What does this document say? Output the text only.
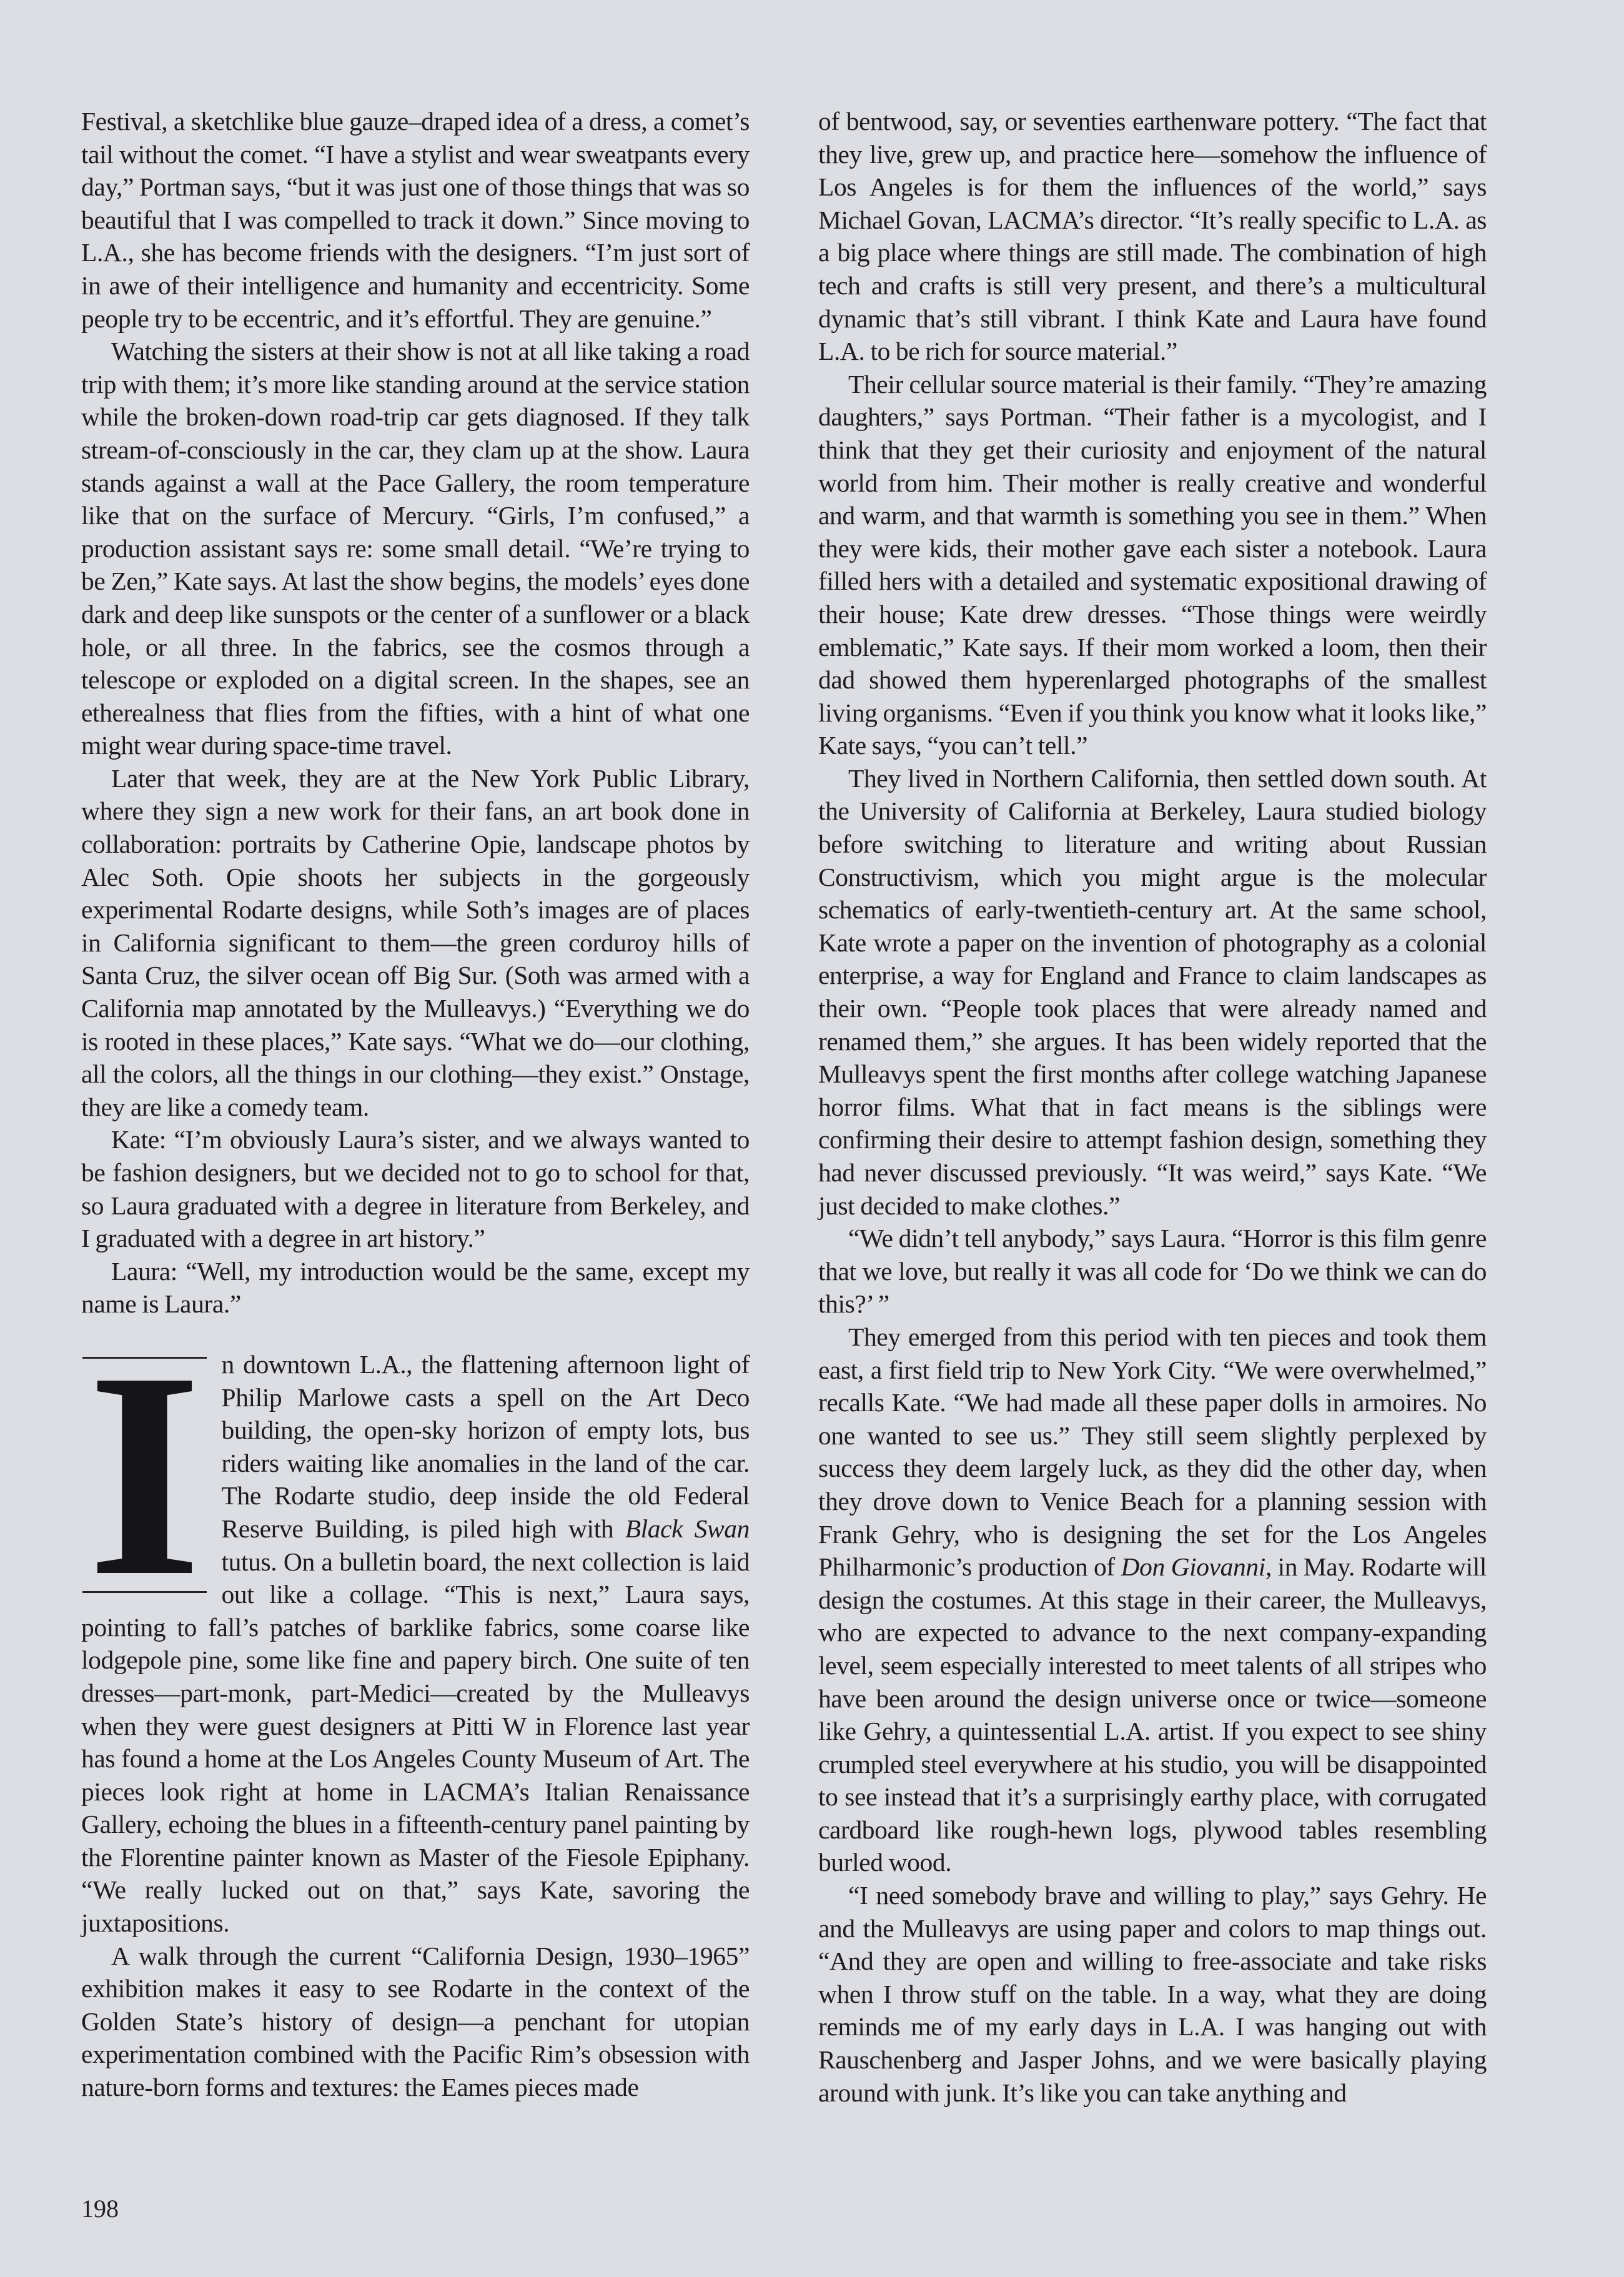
Festival, a sketchlike blue gauze–draped idea of a dress, a comet’s tail without the comet. “I have a stylist and wear sweatpants every day,” Portman says, “but it was just one of those things that was so beautiful that I was compelled to track it down.” Since moving to L.A., she has become friends with the designers. “I’m just sort of in awe of their intelligence and humanity and eccentricity. Some people try to be eccentric, and it’s effortful. They are genuine.”

Watching the sisters at their show is not at all like taking a road trip with them; it’s more like standing around at the service station while the broken-down road-trip car gets diagnosed. If they talk stream-of-consciously in the car, they clam up at the show. Laura stands against a wall at the Pace Gallery, the room temperature like that on the surface of Mercury. “Girls, I’m confused,” a production assistant says re: some small detail. “We’re trying to be Zen,” Kate says. At last the show begins, the models’ eyes done dark and deep like sunspots or the center of a sunflower or a black hole, or all three. In the fabrics, see the cosmos through a telescope or exploded on a digital screen. In the shapes, see an etherealness that flies from the fifties, with a hint of what one might wear during space-time travel.

Later that week, they are at the New York Public Library, where they sign a new work for their fans, an art book done in collaboration: portraits by Catherine Opie, landscape photos by Alec Soth. Opie shoots her subjects in the gorgeously experimental Rodarte designs, while Soth’s images are of places in California significant to them—the green corduroy hills of Santa Cruz, the silver ocean off Big Sur. (Soth was armed with a California map annotated by the Mulleavys.) “Everything we do is rooted in these places,” Kate says. “What we do—our clothing, all the colors, all the things in our clothing—they exist.” Onstage, they are like a comedy team.

Kate: “I’m obviously Laura’s sister, and we always wanted to be fashion designers, but we decided not to go to school for that, so Laura graduated with a degree in literature from Berkeley, and I graduated with a degree in art history.”

Laura: “Well, my introduction would be the same, except my name is Laura.”

I n downtown L.A., the flattening afternoon light of Philip Marlowe casts a spell on the Art Deco building, the open-sky horizon of empty lots, bus riders waiting like anomalies in the land of the car. The Rodarte studio, deep inside the old Federal Reserve Building, is piled high with Black Swan tutus. On a bulletin board, the next collection is laid out like a collage. “This is next,” Laura says, pointing to fall’s patches of barklike fabrics, some coarse like lodgepole pine, some like fine and papery birch. One suite of ten dresses—part-monk, part-Medici—created by the Mulleavys when they were guest designers at Pitti W in Florence last year has found a home at the Los Angeles County Museum of Art. The pieces look right at home in LACMA’s Italian Renaissance Gallery, echoing the blues in a fifteenth-century panel painting by the Florentine painter known as Master of the Fiesole Epiphany. “We really lucked out on that,” says Kate, savoring the juxtapositions.

A walk through the current “California Design, 1930–1965” exhibition makes it easy to see Rodarte in the context of the Golden State’s history of design—a penchant for utopian experimentation combined with the Pacific Rim’s obsession with nature-born forms and textures: the Eames pieces made

of bentwood, say, or seventies earthenware pottery. “The fact that they live, grew up, and practice here—somehow the influence of Los Angeles is for them the influences of the world,” says Michael Govan, LACMA’s director. “It’s really specific to L.A. as a big place where things are still made. The combination of high tech and crafts is still very present, and there’s a multicultural dynamic that’s still vibrant. I think Kate and Laura have found L.A. to be rich for source material.”

Their cellular source material is their family. “They’re amazing daughters,” says Portman. “Their father is a mycologist, and I think that they get their curiosity and enjoyment of the natural world from him. Their mother is really creative and wonderful and warm, and that warmth is something you see in them.” When they were kids, their mother gave each sister a notebook. Laura filled hers with a detailed and systematic expositional drawing of their house; Kate drew dresses. “Those things were weirdly emblematic,” Kate says. If their mom worked a loom, then their dad showed them hyperenlarged photographs of the smallest living organisms. “Even if you think you know what it looks like,” Kate says, “you can’t tell.”

They lived in Northern California, then settled down south. At the University of California at Berkeley, Laura studied biology before switching to literature and writing about Russian Constructivism, which you might argue is the molecular schematics of early-twentieth-century art. At the same school, Kate wrote a paper on the invention of photography as a colonial enterprise, a way for England and France to claim landscapes as their own. “People took places that were already named and renamed them,” she argues. It has been widely reported that the Mulleavys spent the first months after college watching Japanese horror films. What that in fact means is the siblings were confirming their desire to attempt fashion design, something they had never discussed previously. “It was weird,” says Kate. “We just decided to make clothes.”

“We didn’t tell anybody,” says Laura. “Horror is this film genre that we love, but really it was all code for ‘Do we think we can do this?’ ”

They emerged from this period with ten pieces and took them east, a first field trip to New York City. “We were overwhelmed,” recalls Kate. “We had made all these paper dolls in armoires. No one wanted to see us.” They still seem slightly perplexed by success they deem largely luck, as they did the other day, when they drove down to Venice Beach for a planning session with Frank Gehry, who is designing the set for the Los Angeles Philharmonic’s production of Don Giovanni, in May. Rodarte will design the costumes. At this stage in their career, the Mulleavys, who are expected to advance to the next company-expanding level, seem especially interested to meet talents of all stripes who have been around the design universe once or twice—someone like Gehry, a quintessential L.A. artist. If you expect to see shiny crumpled steel everywhere at his studio, you will be disappointed to see instead that it’s a surprisingly earthy place, with corrugated cardboard like rough-hewn logs, plywood tables resembling burled wood.

“I need somebody brave and willing to play,” says Gehry. He and the Mulleavys are using paper and colors to map things out. “And they are open and willing to free-associate and take risks when I throw stuff on the table. In a way, what they are doing reminds me of my early days in L.A. I was hanging out with Rauschenberg and Jasper Johns, and we were basically playing around with junk. It’s like you can take anything and

198
